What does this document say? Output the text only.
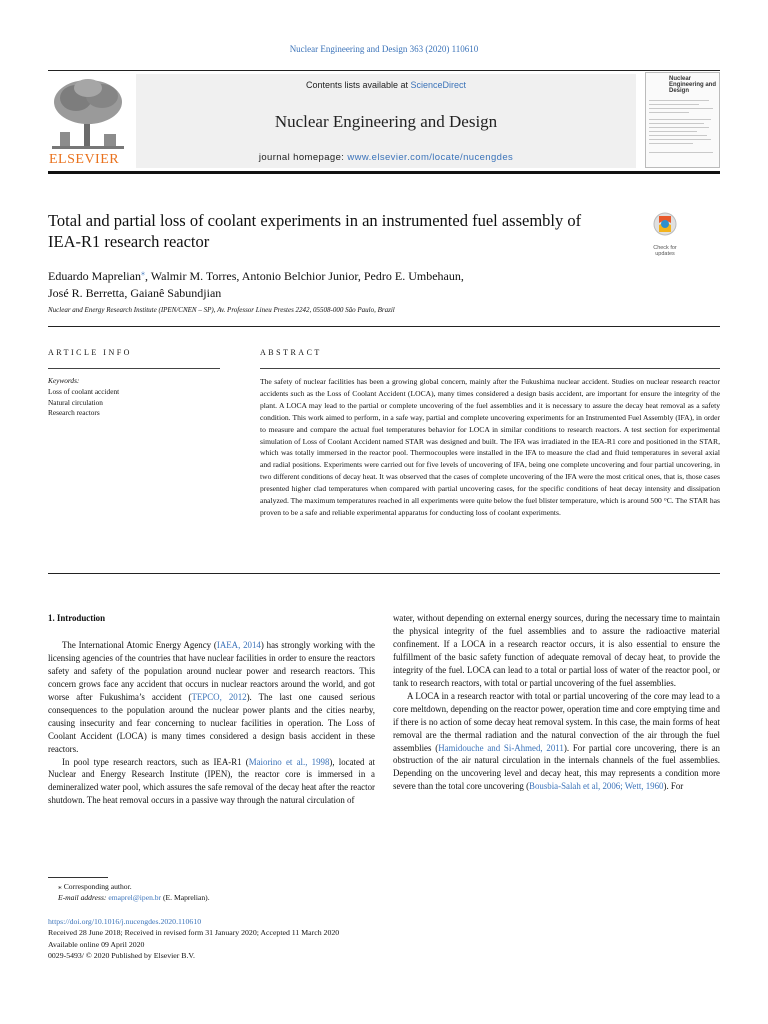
Nuclear Engineering and Design 363 (2020) 110610
ELSEVIER
Contents lists available at ScienceDirect
Nuclear Engineering and Design
journal homepage: www.elsevier.com/locate/nucengdes
Nuclear Engineering and Design
Total and partial loss of coolant experiments in an instrumented fuel assembly of IEA-R1 research reactor	Check for updates
Eduardo Maprelian⁎, Walmir M. Torres, Antonio Belchior Junior, Pedro E. Umbehaun,
José R. Berretta, Gaianê Sabundjian
Nuclear and Energy Research Institute (IPEN/CNEN – SP), Av. Professor Lineu Prestes 2242, 05508-000 São Paulo, Brazil
ARTICLE INFO	ABSTRACT
Keywords:
Loss of coolant accident
Natural circulation
Research reactors
The safety of nuclear facilities has been a growing global concern, mainly after the Fukushima nuclear accident. Studies on nuclear research reactor accidents such as the Loss of Coolant Accident (LOCA), many times considered a design basis accident, are important for ensure the integrity of the plant. A LOCA may lead to the partial or complete uncovering of the fuel assemblies and it is necessary to assure the decay heat removal as a safety condition. This work aimed to perform, in a safe way, partial and complete uncovering experiments for an Instrumented Fuel Assembly (IFA), in order to measure and compare the actual fuel temperatures behavior for LOCA in similar conditions to research reactors. A test section for experimental simulation of Loss of Coolant Accident named STAR was designed and built. The IFA was irradiated in the IEA-R1 core and positioned in the STAR, which was totally immersed in the reactor pool. Thermocouples were installed in the IFA to measure the clad and fluid temperatures in several axial and radial positions. Experiments were carried out for five levels of uncovering of IFA, being one complete uncovering and four partial uncovering, in two different conditions of decay heat. It was observed that the cases of complete uncovering of the IFA were the most critical ones, that is, those cases presented higher clad temperatures when compared with partial uncovering cases, for the specific conditions of heat decay intensity and dissipation analyzed. The maximum temperatures reached in all experiments were quite below the fuel blister temperature, which is around 500 °C. The STAR has proven to be a safe and reliable experimental apparatus for conducting loss of coolant experiments.
1. Introduction

The International Atomic Energy Agency (IAEA, 2014) has strongly working with the licensing agencies of the countries that have nuclear facilities in order to ensure the reactors safety and safety of the population around nuclear power and research reactors. This concern grows face any accident that occurs in nuclear reactors around the world, and got worse after Fukushima’s accident (TEPCO, 2012). The last one caused serious consequences to the population around the nuclear power plants and the cities nearby, causing insecurity and fear concerning to nuclear facilities in operation. The Loss of Coolant Accident (LOCA) is many times considered a design basis accident in these reactors.

In pool type research reactors, such as IEA-R1 (Maiorino et al., 1998), located at Nuclear and Energy Research Institute (IPEN), the reactor core is immersed in a demineralized water pool, which assures the safe removal of the decay heat after the reactor shutdown. The heat removal occurs in a passive way through the natural circulation of

water, without depending on external energy sources, during the necessary time to maintain the physical integrity of the fuel assemblies and to assure the radioactive material confinement. If a LOCA in a research reactor occurs, it is also essential to ensure the fulfillment of the basic safety function of adequate removal of decay heat, to provide the integrity of the fuel. LOCA can lead to a total or partial loss of water of the reactor pool, or tank to research reactors, with total or partial uncovering of the fuel assemblies.

A LOCA in a research reactor with total or partial uncovering of the core may lead to a core meltdown, depending on the reactor power, operation time and core emptying time and if there is no action of some decay heat removal system. In this case, the main forms of heat removal are the thermal radiation and the natural convection of the air through the fuel assemblies (Hamidouche and Si-Ahmed, 2011). For partial core uncovering, there is an obstruction of the air natural circulation in the internals channels of the fuel assemblies. Depending on the uncovering level and decay heat, this may represents a condition more severe than the total core uncovering (Bousbia-Salah et al, 2006; Wett, 1960). For

⁎ Corresponding author.
E-mail address: emaprel@ipen.br (E. Maprelian).
https://doi.org/10.1016/j.nucengdes.2020.110610
Received 28 June 2018; Received in revised form 31 January 2020; Accepted 11 March 2020
Available online 09 April 2020
0029-5493/ © 2020 Published by Elsevier B.V.
